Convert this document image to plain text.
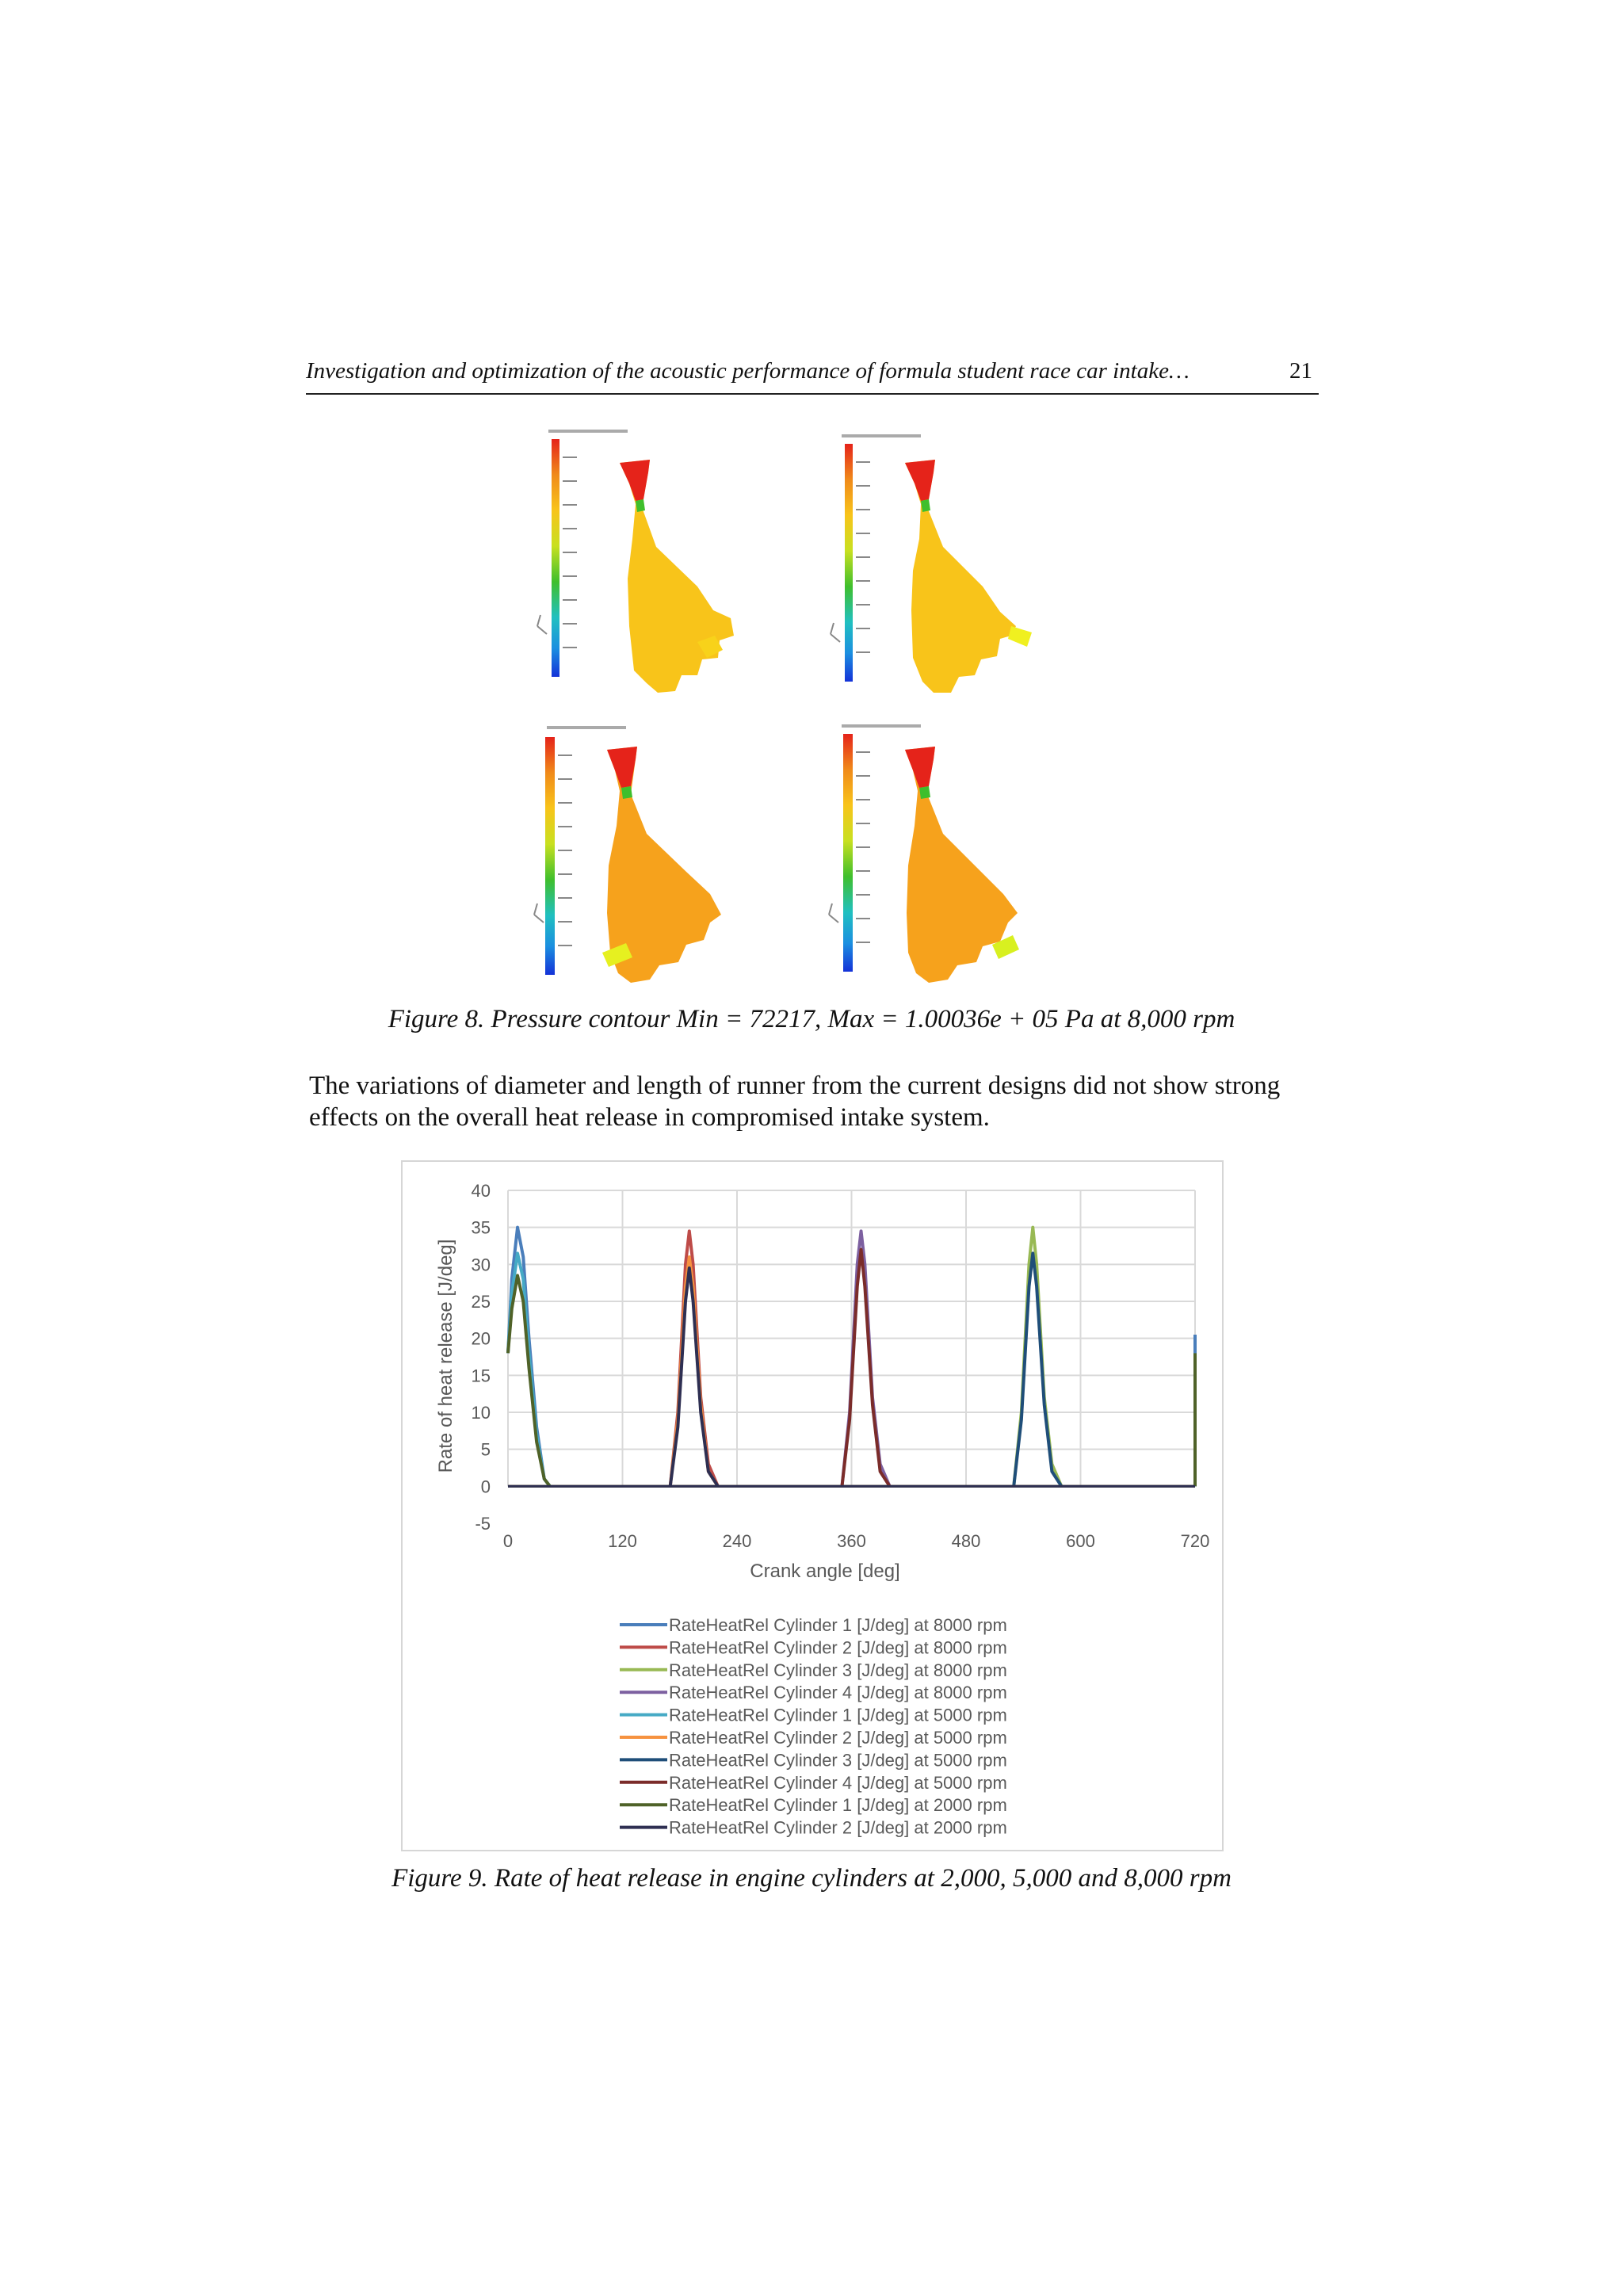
Investigation and optimization of the acoustic performance of formula student race car intake…	21
Figure 8. Pressure contour Min = 72217, Max = 1.00036e + 05 Pa at 8,000 rpm

The variations of diameter and length of runner from the current designs did not show strong effects on the overall heat release in compromised intake system.

-5
0
5
10
15
20
25
30
35
40
0	120	240	360	480	600	720
Crank angle [deg]
Rate of heat release [J/deg]
RateHeatRel Cylinder 1 [J/deg] at 8000 rpm
RateHeatRel Cylinder 2 [J/deg] at 8000 rpm
RateHeatRel Cylinder 3 [J/deg] at 8000 rpm
RateHeatRel Cylinder 4 [J/deg] at 8000 rpm
RateHeatRel Cylinder 1 [J/deg] at 5000 rpm
RateHeatRel Cylinder 2 [J/deg] at 5000 rpm
RateHeatRel Cylinder 3 [J/deg] at 5000 rpm
RateHeatRel Cylinder 4 [J/deg] at 5000 rpm
RateHeatRel Cylinder 1 [J/deg] at 2000 rpm
RateHeatRel Cylinder 2 [J/deg] at 2000 rpm
Figure 9. Rate of heat release in engine cylinders at 2,000, 5,000 and 8,000 rpm
